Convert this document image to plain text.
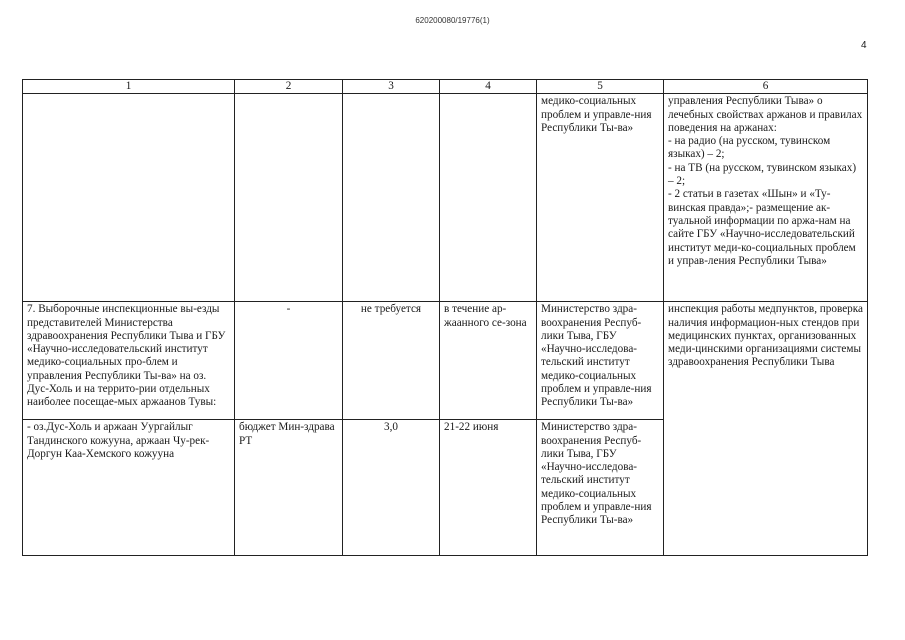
620200080/19776(1)
4
1	2	3	4	5	6
				медико-социальных проблем и управле-ния Республики Ты-ва»	управления Республики Тыва» о лечебных свойствах аржанов и правилах поведения на аржанах:

- на радио (на русском, тувинском языках) – 2;

- на ТВ (на русском, тувинском языках) – 2;

- 2 статьи в газетах «Шын» и «Ту-винская правда»;- размещение ак-туальной информации по аржа-нам на сайте ГБУ «Научно-исследовательский институт меди-ко-социальных проблем и управ-ления Республики Тыва»

7. Выборочные инспекционные вы-езды представителей Министерства здравоохранения Республики Тыва и ГБУ «Научно-исследовательский институт медико-социальных про-блем и управления Республики Ты-ва» на оз. Дус-Холь и на террито-рии отдельных наиболее посещае-мых аржаанов Тувы:	-	не требуется	в течение ар-жаанного се-зона	Министерство здра-воохранения Респуб-лики Тыва, ГБУ «Научно-исследова-тельский институт медико-социальных проблем и управле-ния Республики Ты-ва»	инспекция работы медпунктов, проверка наличия информацион-ных стендов при медицинских пунктах, организованных меди-цинскими организациями системы здравоохранения Республики Тыва
- оз.Дус-Холь и аржаан Уургайлыг Тандинского кожууна, аржаан Чу-рек-Доргун Каа-Хемского кожууна	бюджет Мин-здрава РТ	3,0	21-22 июня	Министерство здра-воохранения Респуб-лики Тыва, ГБУ «Научно-исследова-тельский институт медико-социальных проблем и управле-ния Республики Ты-ва»	
